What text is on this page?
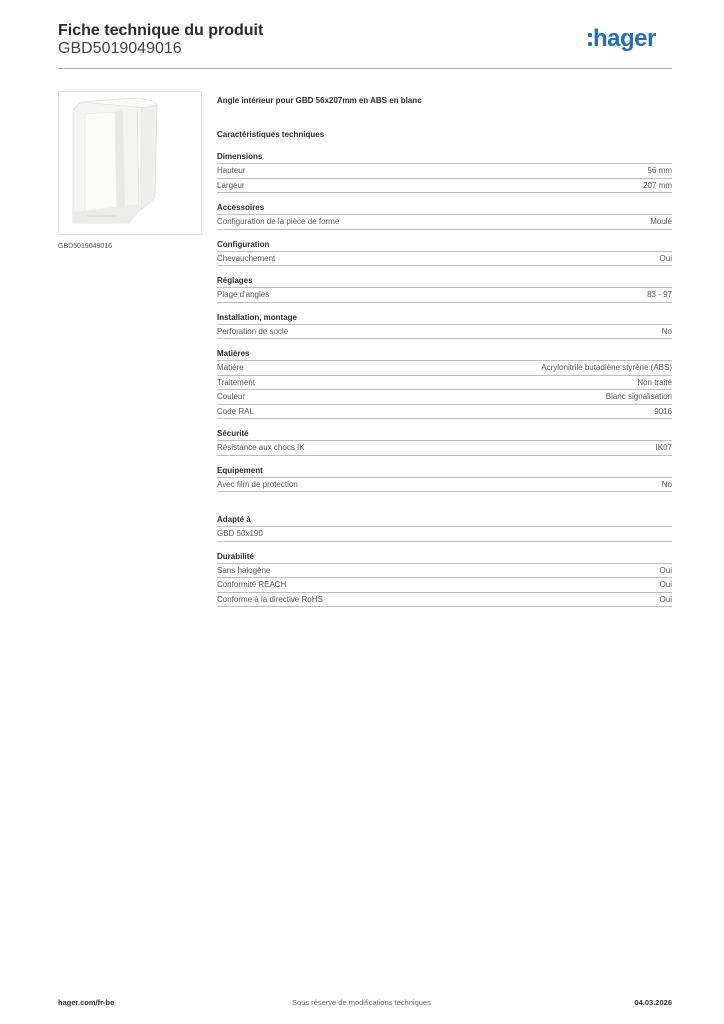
Fiche technique du produit
GBD5019049016	hager
GBD5019049016
Angle intérieur pour GBD 56x207mm en ABS en blanc
Caractéristiques techniques
Dimensions
Hauteur	56 mm
Largeur	207 mm
Accessoires
Configuration de la pièce de forme	Moulé
Configuration
Chevauchement	Oui
Réglages
Plage d'angles	83 - 97
Installation, montage
Perforation de socle	No
Matières
Matière	Acrylonitrile butadiène styrène (ABS)
Traitement	Non traité
Couleur	Blanc signalisation
Code RAL	9016
Sécurité
Résistance aux chocs IK	IK07
Equipement
Avec film de protection	No
Adapté à
GBD 50x190
Durabilité
Sans halogène	Oui
Conformité REACH	Oui
Conforme à la directive RoHS	Oui
hager.com/fr-be	Sous réserve de modifications techniques	04.03.2026
